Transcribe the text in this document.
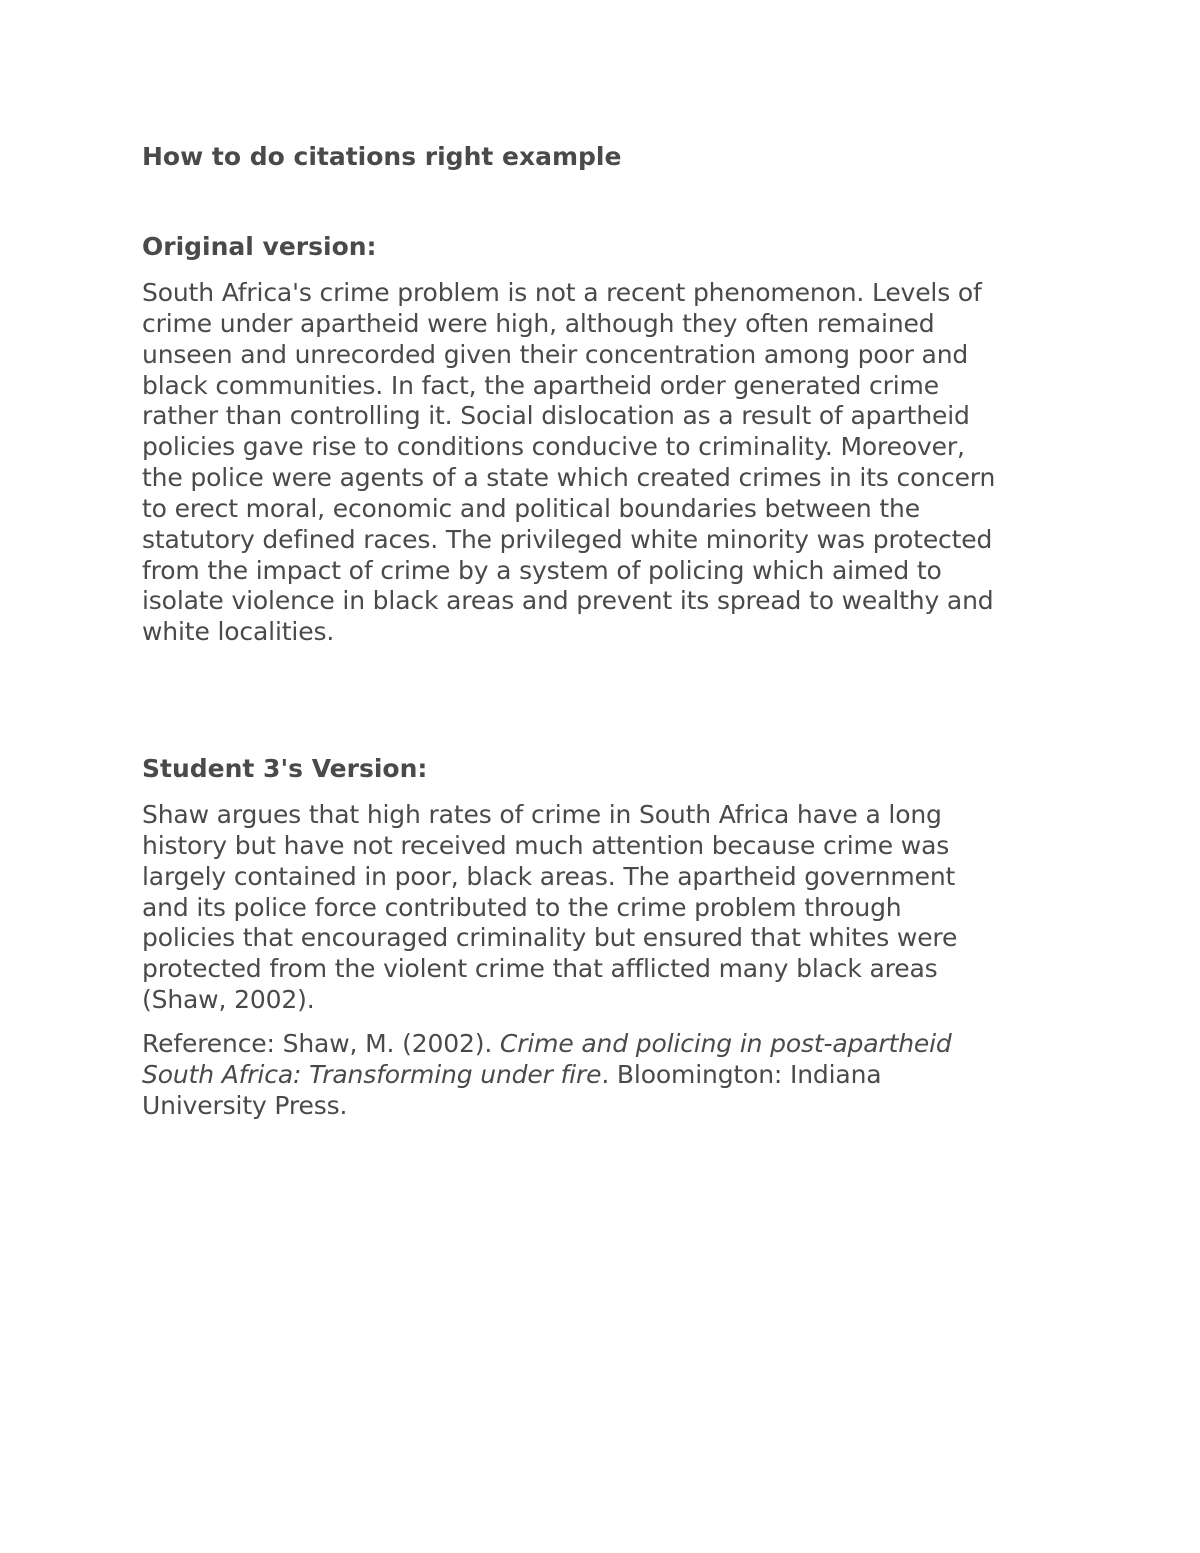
How to do citations right example
Original version:

South Africa's crime problem is not a recent phenomenon. Levels of
crime under apartheid were high, although they often remained
unseen and unrecorded given their concentration among poor and
black communities. In fact, the apartheid order generated crime
rather than controlling it. Social dislocation as a result of apartheid
policies gave rise to conditions conducive to criminality. Moreover,
the police were agents of a state which created crimes in its concern
to erect moral, economic and political boundaries between the
statutory defined races. The privileged white minority was protected
from the impact of crime by a system of policing which aimed to
isolate violence in black areas and prevent its spread to wealthy and
white localities.

Student 3's Version:

Shaw argues that high rates of crime in South Africa have a long
history but have not received much attention because crime was
largely contained in poor, black areas. The apartheid government
and its police force contributed to the crime problem through
policies that encouraged criminality but ensured that whites were
protected from the violent crime that afflicted many black areas
(Shaw, 2002).

Reference: Shaw, M. (2002). Crime and policing in post-apartheid
South Africa: Transforming under fire. Bloomington: Indiana
University Press.
